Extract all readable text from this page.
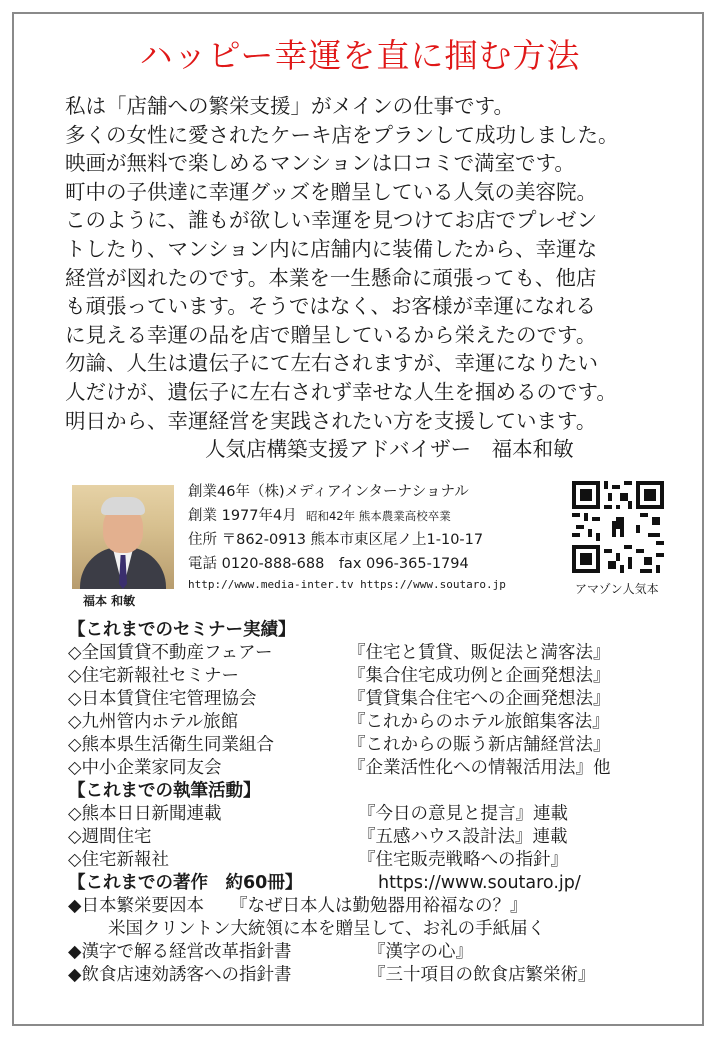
ハッピー幸運を直に掴む方法
私は「店舗への繁栄支援」がメインの仕事です。
多くの女性に愛されたケーキ店をプランして成功しました。
映画が無料で楽しめるマンションは口コミで満室です。
町中の子供達に幸運グッズを贈呈している人気の美容院。
このように、誰もが欲しい幸運を見つけてお店でプレゼン
トしたり、マンション内に店舗内に装備したから、幸運な
経営が図れたのです。本業を一生懸命に頑張っても、他店
も頑張っています。そうではなく、お客様が幸運になれる
に見える幸運の品を店で贈呈しているから栄えたのです。
勿論、人生は遺伝子にて左右されますが、幸運になりたい
人だけが、遺伝子に左右されず幸せな人生を掴めるのです。
明日から、幸運経営を実践されたい方を支援しています。
人気店構築支援アドバイザー　福本和敏
福本 和敏
創業46年（株)メディアインターナショナル
創業 1977年4月 昭和42年 熊本農業高校卒業
住所 〒862-0913 熊本市東区尾ノ上1-10-17
電話 0120-888-688　fax 096-365-1794
http://www.media-inter.tv https://www.soutaro.jp	アマゾン人気本
【これまでのセミナー実績】
◇全国賃貸不動産フェアー	『住宅と賃貸、販促法と満客法』
◇住宅新報社セミナー	『集合住宅成功例と企画発想法』
◇日本賃貸住宅管理協会	『賃貸集合住宅への企画発想法』
◇九州管内ホテル旅館	『これからのホテル旅館集客法』
◇熊本県生活衛生同業組合	『これからの賑う新店舗経営法』
◇中小企業家同友会	『企業活性化への情報活用法』他
【これまでの執筆活動】
◇熊本日日新聞連載	『今日の意見と提言』連載
◇週間住宅	『五感ハウス設計法』連載
◇住宅新報社	『住宅販売戦略への指針』
【これまでの著作　約60冊】	https://www.soutaro.jp/
◆日本繁栄要因本 『なぜ日本人は勤勉器用裕福なの？』
米国クリントン大統領に本を贈呈して、お礼の手紙届く
◆漢字で解る経営改革指針書	『漢字の心』
◆飲食店速効誘客への指針書	『三十項目の飲食店繁栄術』
